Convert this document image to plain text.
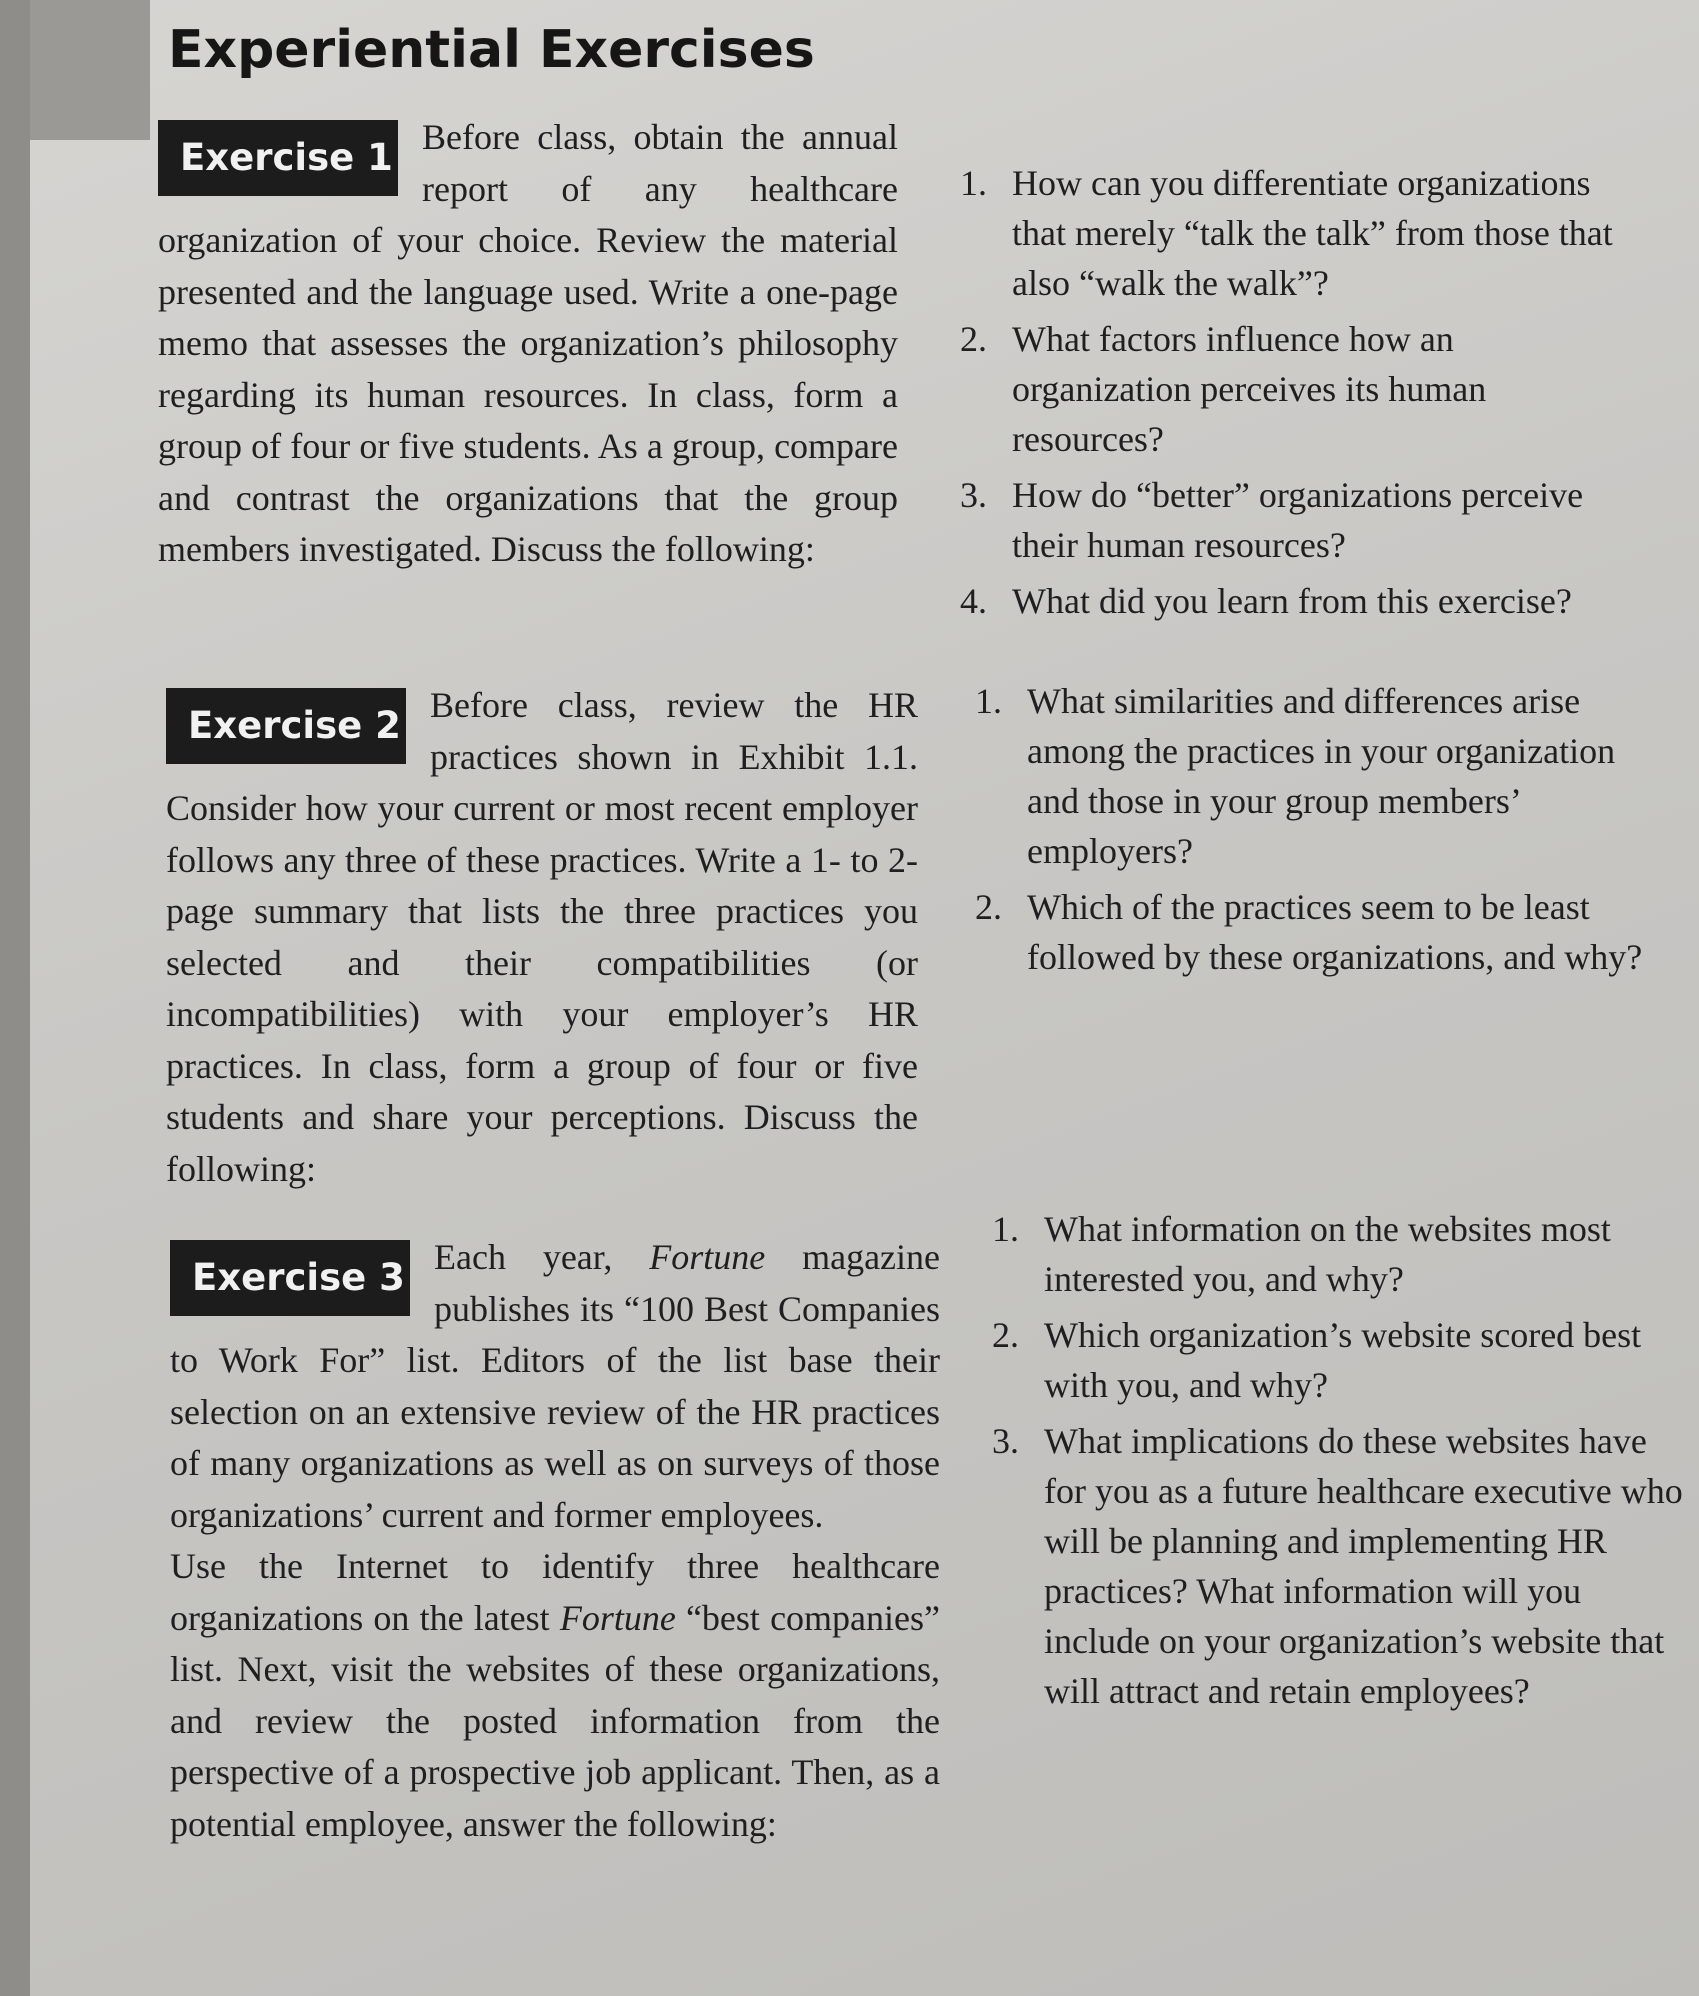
Experiential Exercises
Exercise 1 Before class, obtain the annual report of any healthcare organization of your choice. Review the material presented and the language used. Write a one-page memo that assesses the organization’s philosophy regarding its human resources. In class, form a group of four or five students. As a group, compare and contrast the organizations that the group members investigated. Discuss the following:

1. How can you differentiate organizations that merely “talk the talk” from those that also “walk the walk”?
2. What factors influence how an organization perceives its human resources?
3. How do “better” organizations perceive their human resources?
4. What did you learn from this exercise?
Exercise 2 Before class, review the HR practices shown in Exhibit 1.1. Consider how your current or most recent employer follows any three of these practices. Write a 1- to 2-page summary that lists the three practices you selected and their compatibilities (or incompatibilities) with your employer’s HR practices. In class, form a group of four or five students and share your perceptions. Discuss the following:

1. What similarities and differences arise among the practices in your organization and those in your group members’ employers?
2. Which of the practices seem to be least followed by these organizations, and why?
Exercise 3 Each year, Fortune magazine publishes its “100 Best Companies to Work For” list. Editors of the list base their selection on an extensive review of the HR practices of many organizations as well as on surveys of those organizations’ current and former employees.

Use the Internet to identify three healthcare organizations on the latest Fortune “best companies” list. Next, visit the websites of these organizations, and review the posted information from the perspective of a prospective job applicant. Then, as a potential employee, answer the following:

1. What information on the websites most interested you, and why?
2. Which organization’s website scored best with you, and why?
3. What implications do these websites have for you as a future healthcare executive who will be planning and implementing HR practices? What information will you include on your organization’s website that will attract and retain employees?
